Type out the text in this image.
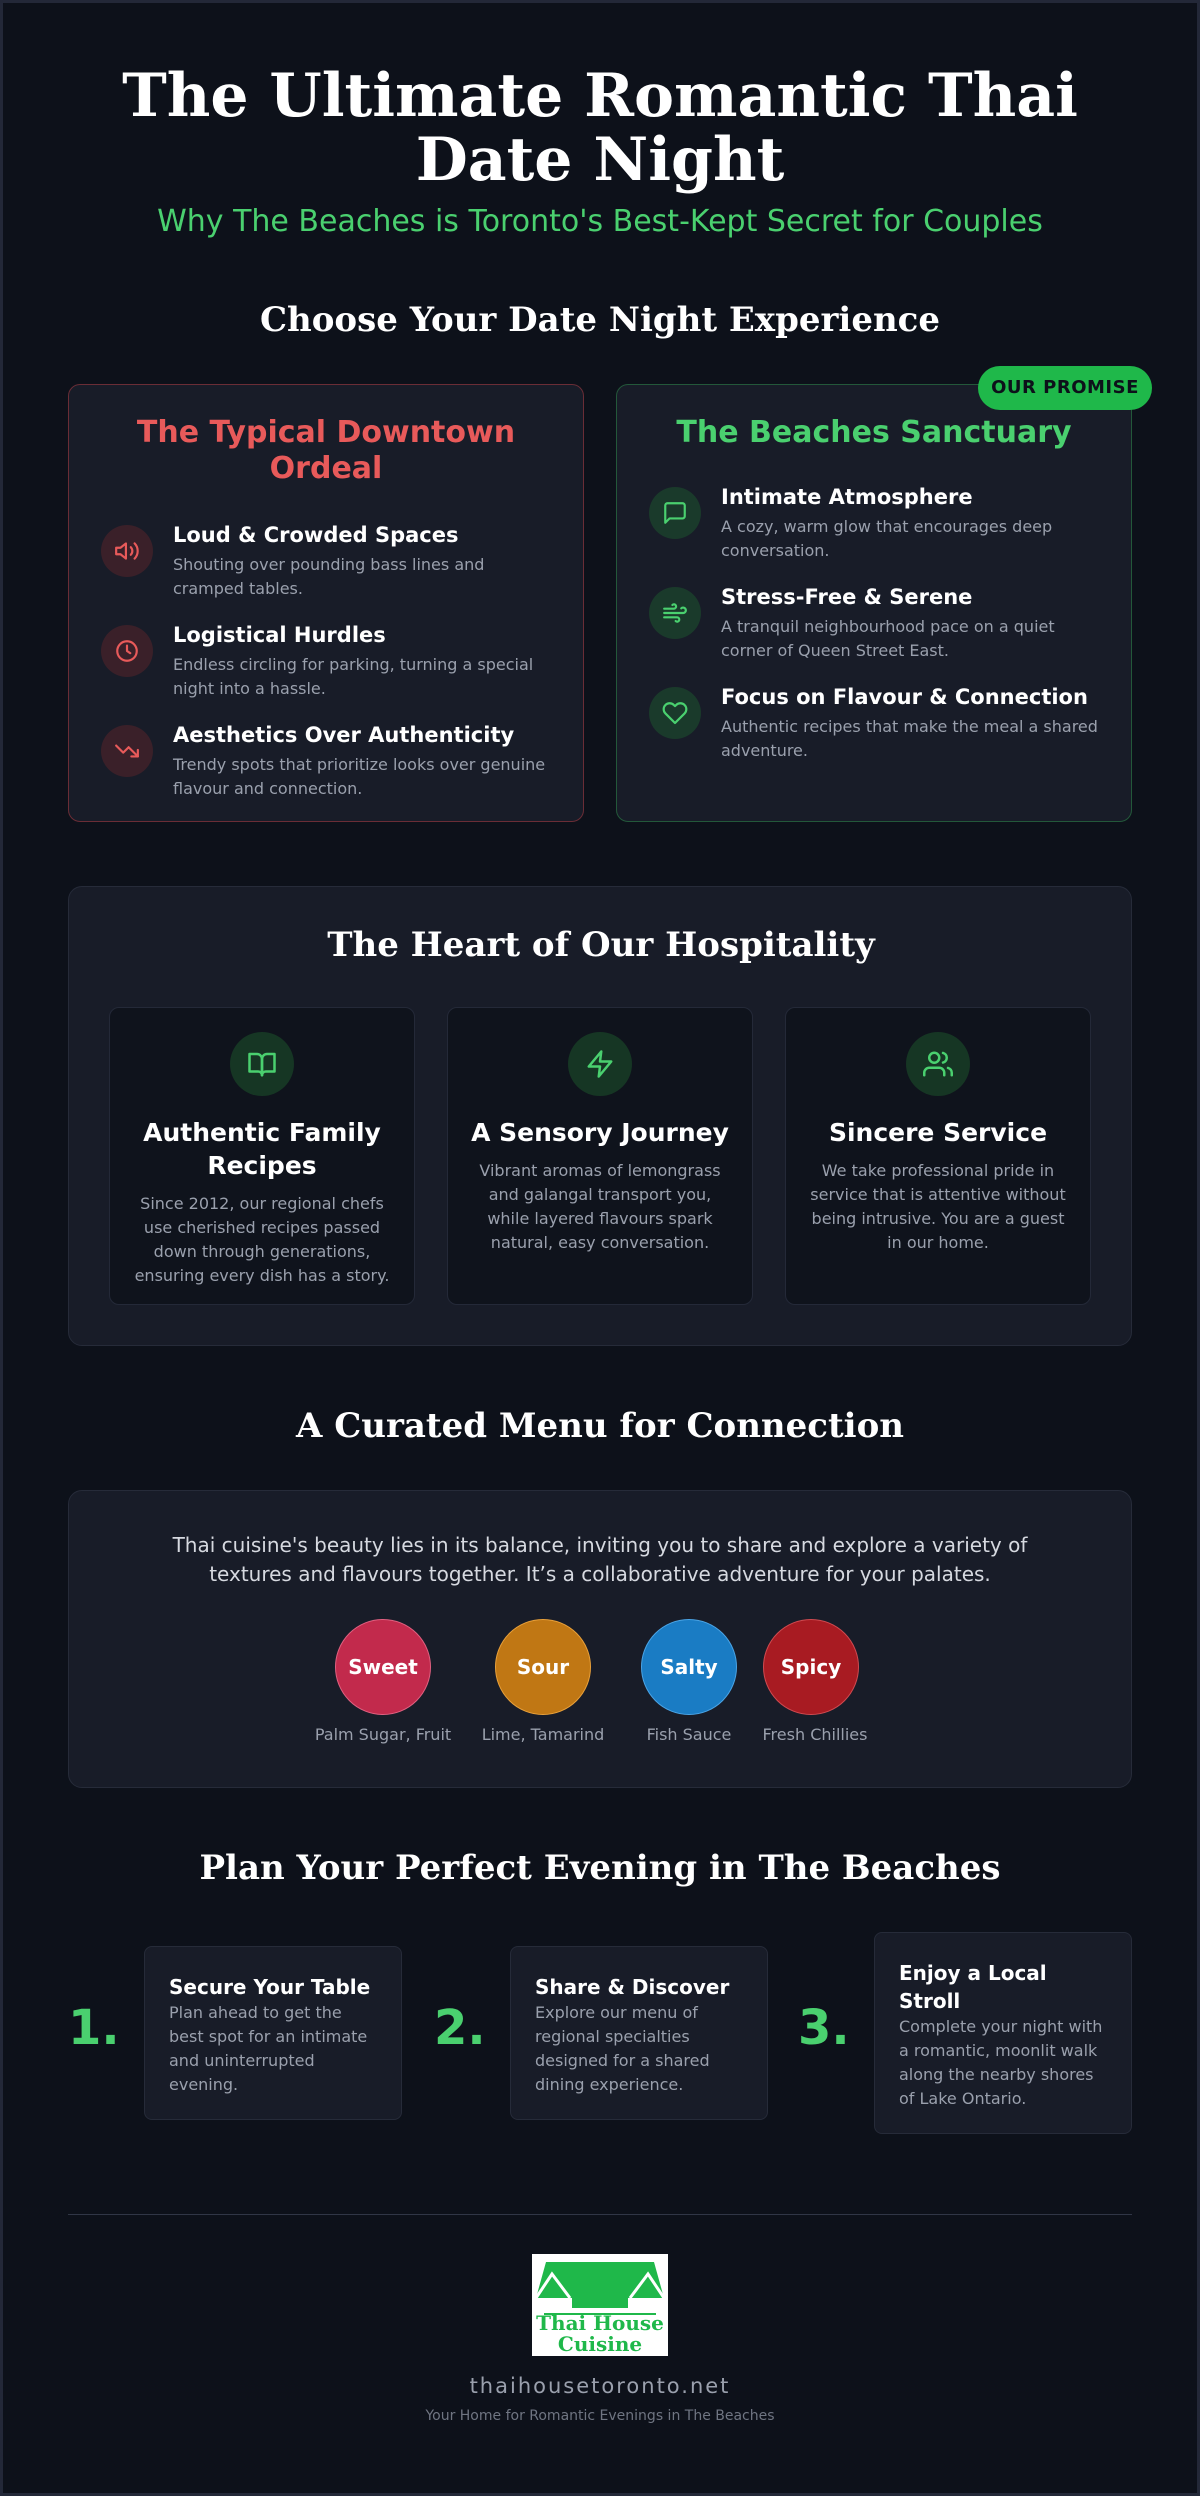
The Ultimate Romantic Thai Date Night
Why The Beaches is Toronto's Best-Kept Secret for Couples
Choose Your Date Night Experience
The Typical Downtown Ordeal
Loud & Crowded Spaces
Shouting over pounding bass lines and cramped tables.
Logistical Hurdles
Endless circling for parking, turning a special night into a hassle.
Aesthetics Over Authenticity
Trendy spots that prioritize looks over genuine flavour and connection.
The Beaches Sanctuary
Intimate Atmosphere
A cozy, warm glow that encourages deep conversation.
Stress-Free & Serene
A tranquil neighbourhood pace on a quiet corner of Queen Street East.
Focus on Flavour & Connection
Authentic recipes that make the meal a shared adventure.
OUR PROMISE
The Heart of Our Hospitality
Authentic Family Recipes
Since 2012, our regional chefs use cherished recipes passed down through generations, ensuring every dish has a story.
A Sensory Journey
Vibrant aromas of lemongrass and galangal transport you, while layered flavours spark natural, easy conversation.
Sincere Service
We take professional pride in service that is attentive without being intrusive. You are a guest in our home.
A Curated Menu for Connection
Thai cuisine's beauty lies in its balance, inviting you to share and explore a variety of textures and flavours together. It’s a collaborative adventure for your palates.
Sweet	Sour	Salty	Spicy
Palm Sugar, Fruit	Lime, Tamarind	Fish Sauce	Fresh Chillies
Plan Your Perfect Evening in The Beaches
1.
Secure Your Table
Plan ahead to get the best spot for an intimate and uninterrupted evening.
2.
Share & Discover
Explore our menu of regional specialties designed for a shared dining experience.
3.
Enjoy a Local Stroll
Complete your night with a romantic, moonlit walk along the nearby shores of Lake Ontario.
Thai House
Cuisine
thaihousetoronto.net
Your Home for Romantic Evenings in The Beaches
